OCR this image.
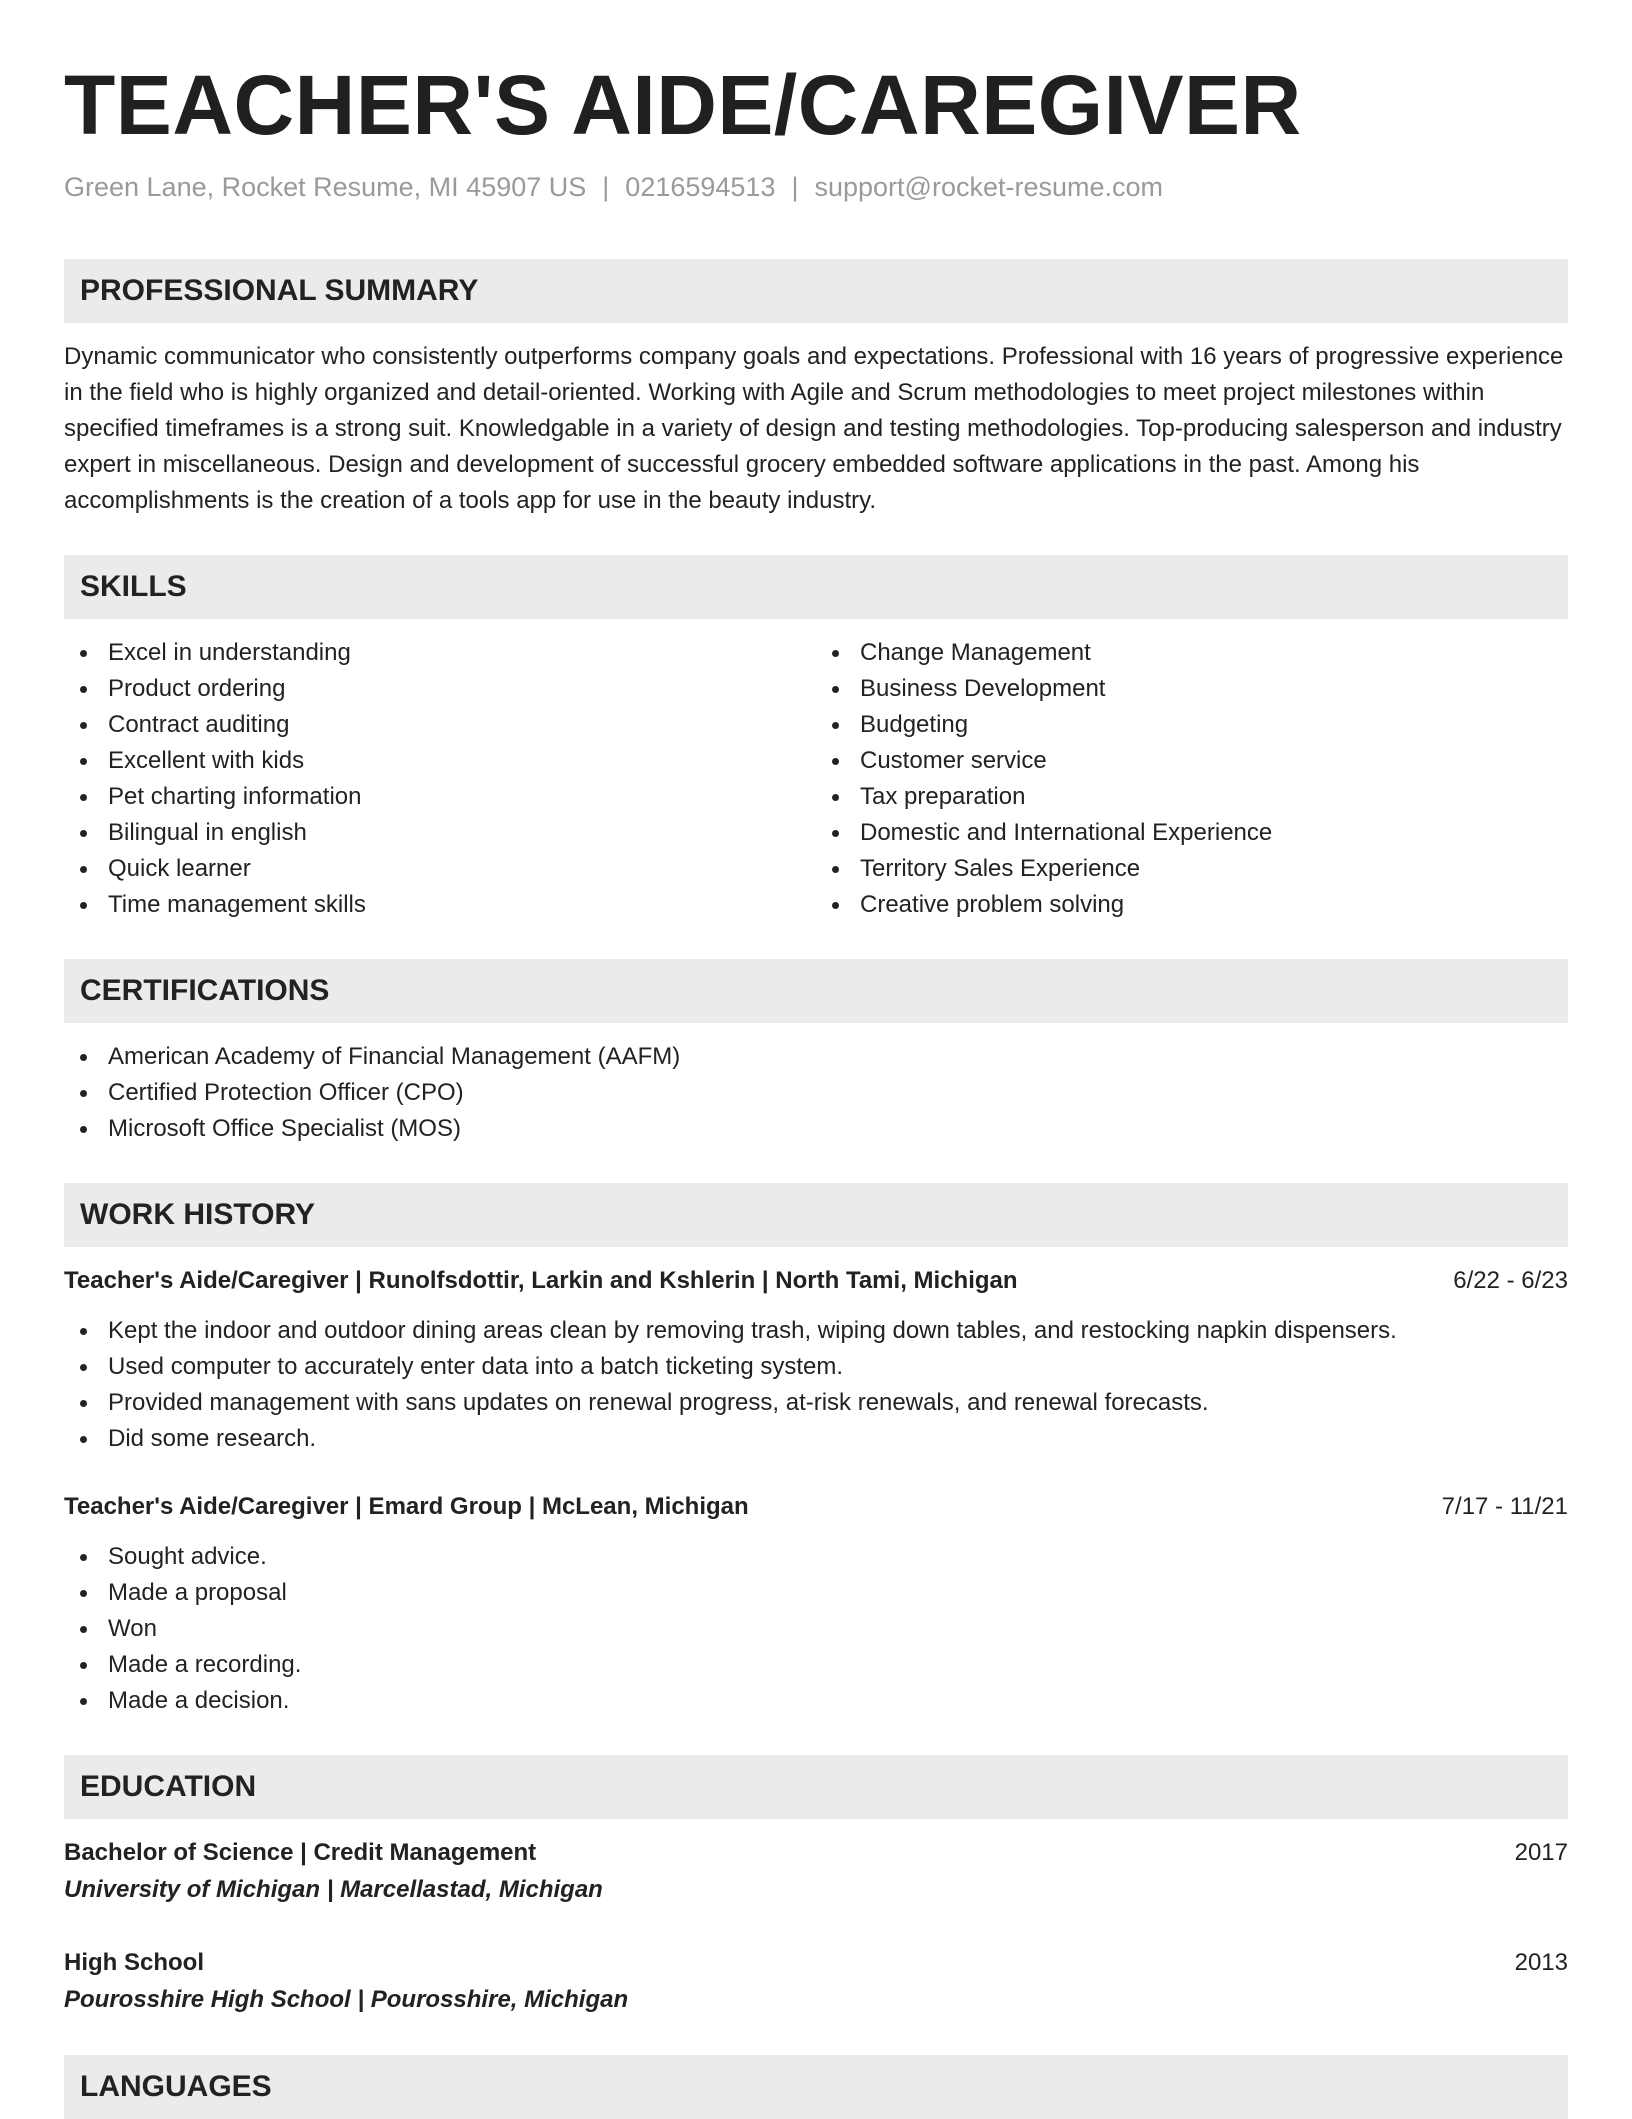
TEACHER'S AIDE/CAREGIVER
Green Lane, Rocket Resume, MI 45907 US | 0216594513 | support@rocket-resume.com
PROFESSIONAL SUMMARY
Dynamic communicator who consistently outperforms company goals and expectations. Professional with 16 years of progressive experience in the field who is highly organized and detail-oriented. Working with Agile and Scrum methodologies to meet project milestones within specified timeframes is a strong suit. Knowledgable in a variety of design and testing methodologies. Top-producing salesperson and industry expert in miscellaneous. Design and development of successful grocery embedded software applications in the past. Among his accomplishments is the creation of a tools app for use in the beauty industry.
SKILLS
Excel in understanding
Product ordering
Contract auditing
Excellent with kids
Pet charting information
Bilingual in english
Quick learner
Time management skills
Change Management
Business Development
Budgeting
Customer service
Tax preparation
Domestic and International Experience
Territory Sales Experience
Creative problem solving
CERTIFICATIONS
American Academy of Financial Management (AAFM)
Certified Protection Officer (CPO)
Microsoft Office Specialist (MOS)
WORK HISTORY
Teacher's Aide/Caregiver | Runolfsdottir, Larkin and Kshlerin | North Tami, Michigan	6/22 - 6/23
Kept the indoor and outdoor dining areas clean by removing trash, wiping down tables, and restocking napkin dispensers.
Used computer to accurately enter data into a batch ticketing system.
Provided management with sans updates on renewal progress, at-risk renewals, and renewal forecasts.
Did some research.
Teacher's Aide/Caregiver | Emard Group | McLean, Michigan	7/17 - 11/21
Sought advice.
Made a proposal
Won
Made a recording.
Made a decision.
EDUCATION
Bachelor of Science | Credit Management	2017
University of Michigan | Marcellastad, Michigan
High School	2013
Pourosshire High School | Pourosshire, Michigan
LANGUAGES
